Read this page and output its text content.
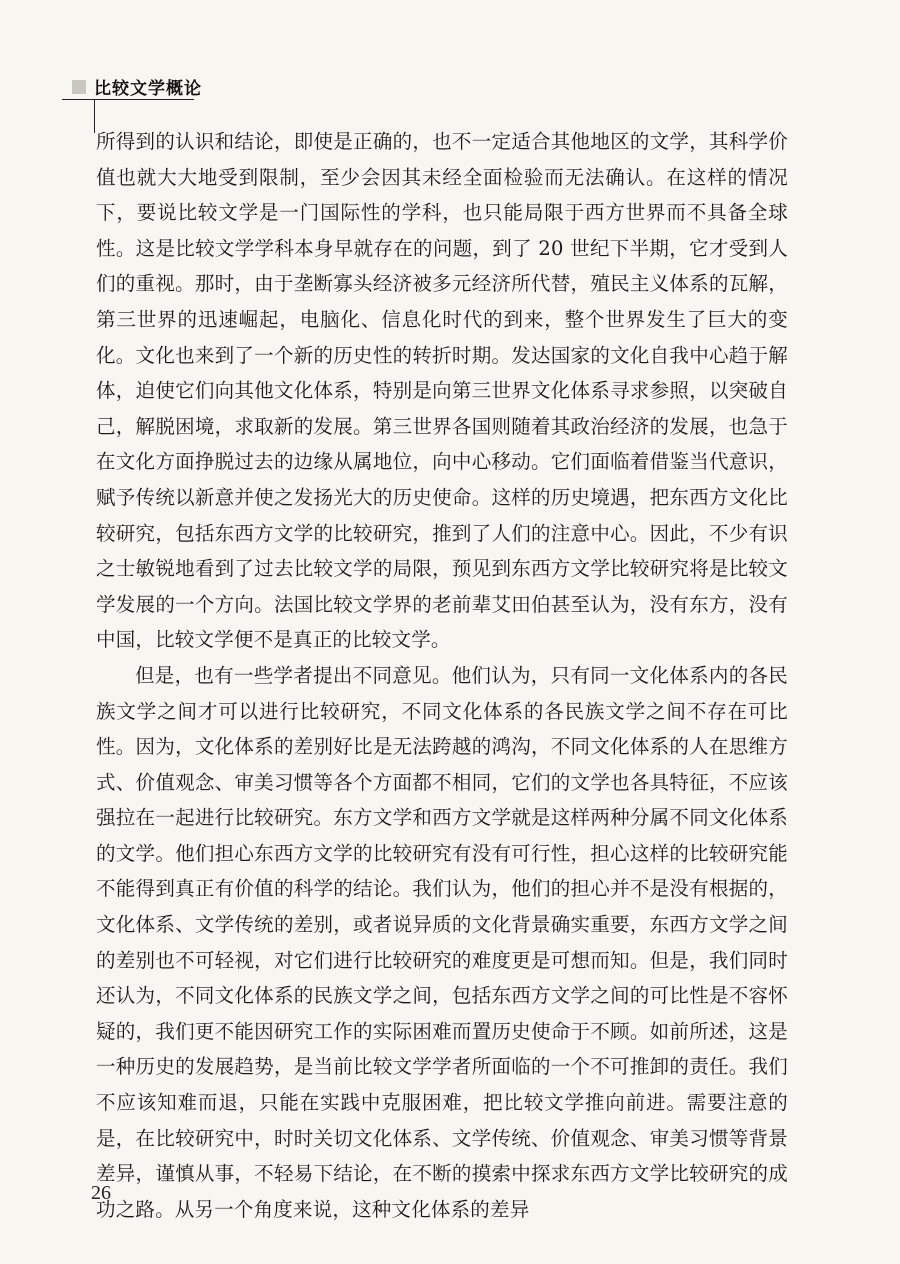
比较文学概论

所得到的认识和结论，即使是正确的，也不一定适合其他地区的文学，其科学价值也就大大地受到限制，至少会因其未经全面检验而无法确认。在这样的情况下，要说比较文学是一门国际性的学科，也只能局限于西方世界而不具备全球性。这是比较文学学科本身早就存在的问题，到了 20 世纪下半期，它才受到人们的重视。那时，由于垄断寡头经济被多元经济所代替，殖民主义体系的瓦解，第三世界的迅速崛起，电脑化、信息化时代的到来，整个世界发生了巨大的变化。文化也来到了一个新的历史性的转折时期。发达国家的文化自我中心趋于解体，迫使它们向其他文化体系，特别是向第三世界文化体系寻求参照，以突破自己，解脱困境，求取新的发展。第三世界各国则随着其政治经济的发展，也急于在文化方面挣脱过去的边缘从属地位，向中心移动。它们面临着借鉴当代意识，赋予传统以新意并使之发扬光大的历史使命。这样的历史境遇，把东西方文化比较研究，包括东西方文学的比较研究，推到了人们的注意中心。因此，不少有识之士敏锐地看到了过去比较文学的局限，预见到东西方文学比较研究将是比较文学发展的一个方向。法国比较文学界的老前辈艾田伯甚至认为，没有东方，没有中国，比较文学便不是真正的比较文学。

但是，也有一些学者提出不同意见。他们认为，只有同一文化体系内的各民族文学之间才可以进行比较研究，不同文化体系的各民族文学之间不存在可比性。因为，文化体系的差别好比是无法跨越的鸿沟，不同文化体系的人在思维方式、价值观念、审美习惯等各个方面都不相同，它们的文学也各具特征，不应该强拉在一起进行比较研究。东方文学和西方文学就是这样两种分属不同文化体系的文学。他们担心东西方文学的比较研究有没有可行性，担心这样的比较研究能不能得到真正有价值的科学的结论。我们认为，他们的担心并不是没有根据的，文化体系、文学传统的差别，或者说异质的文化背景确实重要，东西方文学之间的差别也不可轻视，对它们进行比较研究的难度更是可想而知。但是，我们同时还认为，不同文化体系的民族文学之间，包括东西方文学之间的可比性是不容怀疑的，我们更不能因研究工作的实际困难而置历史使命于不顾。如前所述，这是一种历史的发展趋势，是当前比较文学学者所面临的一个不可推卸的责任。我们不应该知难而退，只能在实践中克服困难，把比较文学推向前进。需要注意的是，在比较研究中，时时关切文化体系、文学传统、价值观念、审美习惯等背景差异，谨慎从事，不轻易下结论，在不断的摸索中探求东西方文学比较研究的成功之路。从另一个角度来说，这种文化体系的差异

26
